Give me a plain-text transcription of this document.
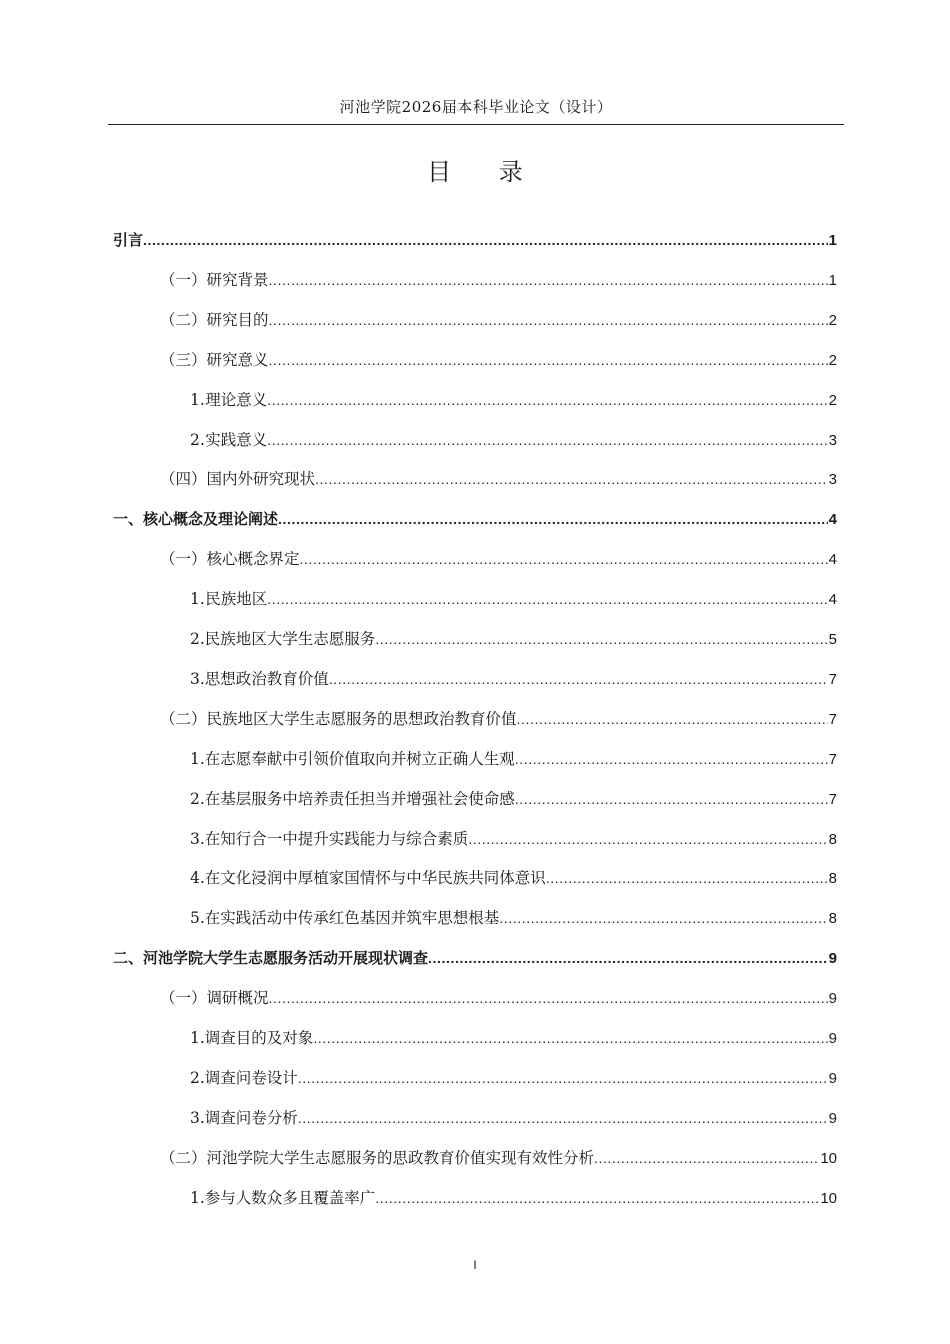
河池学院2026届本科毕业论文（设计）
目 录
引言 .....	1
（一） 研究背景 .....	1
（二） 研究目的 .....	2
（三） 研究意义 .....	2
1. 理论意义 .....	2
2. 实践意义 .....	3
（四） 国内外研究现状 .....	3
一、 核心概念及理论阐述 .....	4
（一） 核心概念界定 .....	4
1. 民族地区 .....	4
2. 民族地区大学生志愿服务 .....	5
3. 思想政治教育价值 .....	7
（二） 民族地区大学生志愿服务的思想政治教育价值 .....	7
1. 在志愿奉献中引领价值取向并树立正确人生观 .....	7
2. 在基层服务中培养责任担当并增强社会使命感 .....	7
3. 在知行合一中提升实践能力与综合素质 .....	8
4. 在文化浸润中厚植家国情怀与中华民族共同体意识 .....	8
5. 在实践活动中传承红色基因并筑牢思想根基 .....	8
二、 河池学院大学生志愿服务活动开展现状调查 .....	9
（一） 调研概况 .....	9
1. 调查目的及对象 .....	9
2. 调查问卷设计 .....	9
3. 调查问卷分析 .....	9
（二） 河池学院大学生志愿服务的思政教育价值实现有效性分析 .....	10
1. 参与人数众多且覆盖率广 .....	10
I
